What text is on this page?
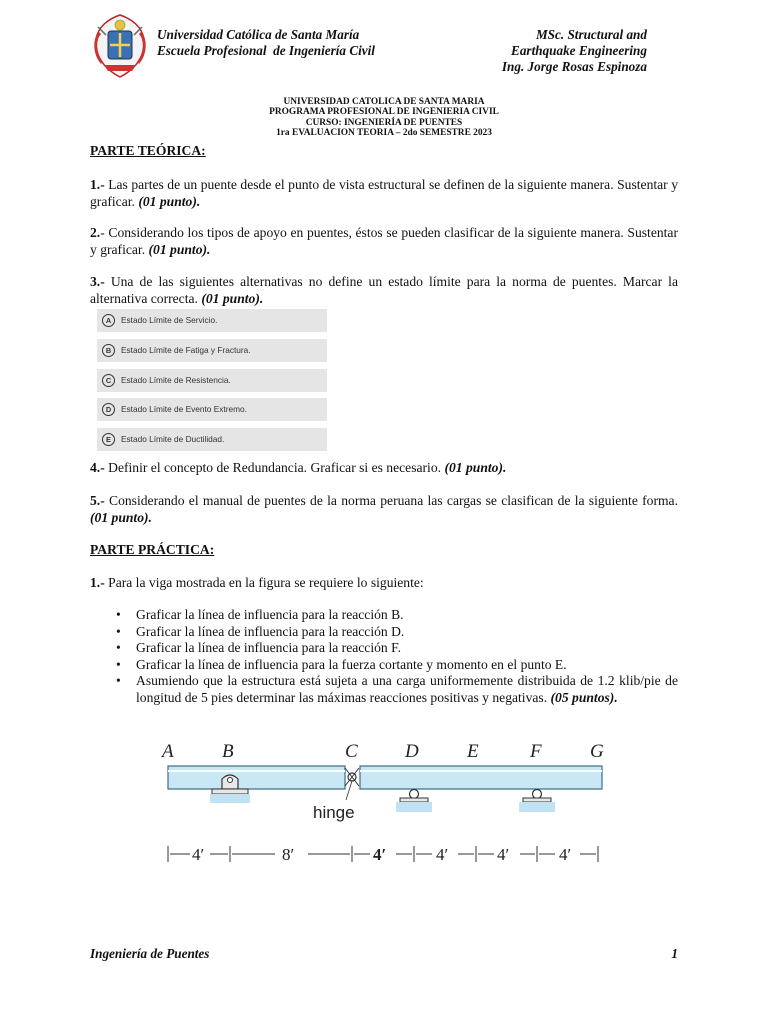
Universidad Católica de Santa María
Escuela Profesional  de Ingeniería Civil
MSc. Structural and
Earthquake Engineering
Ing. Jorge Rosas Espinoza
UNIVERSIDAD CATOLICA DE SANTA MARIA
PROGRAMA PROFESIONAL DE INGENIERIA CIVIL
CURSO: INGENIERÍA DE PUENTES
1ra EVALUACION TEORIA – 2do SEMESTRE 2023
PARTE TEÓRICA:
1.- Las partes de un puente desde el punto de vista estructural se definen de la siguiente manera. Sustentar y graficar. (01 punto).
2.- Considerando los tipos de apoyo en puentes, éstos se pueden clasificar de la siguiente manera. Sustentar y graficar. (01 punto).
3.- Una de las siguientes alternativas no define un estado límite para la norma de puentes. Marcar la alternativa correcta. (01 punto).
A	Estado Límite de Servicio.
B	Estado Límite de Fatiga y Fractura.
C	Estado Límite de Resistencia.
D	Estado Límite de Evento Extremo.
E	Estado Límite de Ductilidad.
4.- Definir el concepto de Redundancia. Graficar si es necesario. (01 punto).
5.- Considerando el manual de puentes de la norma peruana las cargas se clasifican de la siguiente forma. (01 punto).
PARTE PRÁCTICA:
1.- Para la viga mostrada en la figura se requiere lo siguiente:
• Graficar la línea de influencia para la reacción B.
• Graficar la línea de influencia para la reacción D.
• Graficar la línea de influencia para la reacción F.
• Graficar la línea de influencia para la fuerza cortante y momento en el punto E.
• Asumiendo que la estructura está sujeta a una carga uniformemente distribuida de 1.2 klib/pie de longitud de 5 pies determinar las máximas reacciones positivas y negativas. (05 puntos).
A	B	C D	E	F	G
hinge
4′	8′	4′	4′	4′	4′
Ingeniería de Puentes	1
